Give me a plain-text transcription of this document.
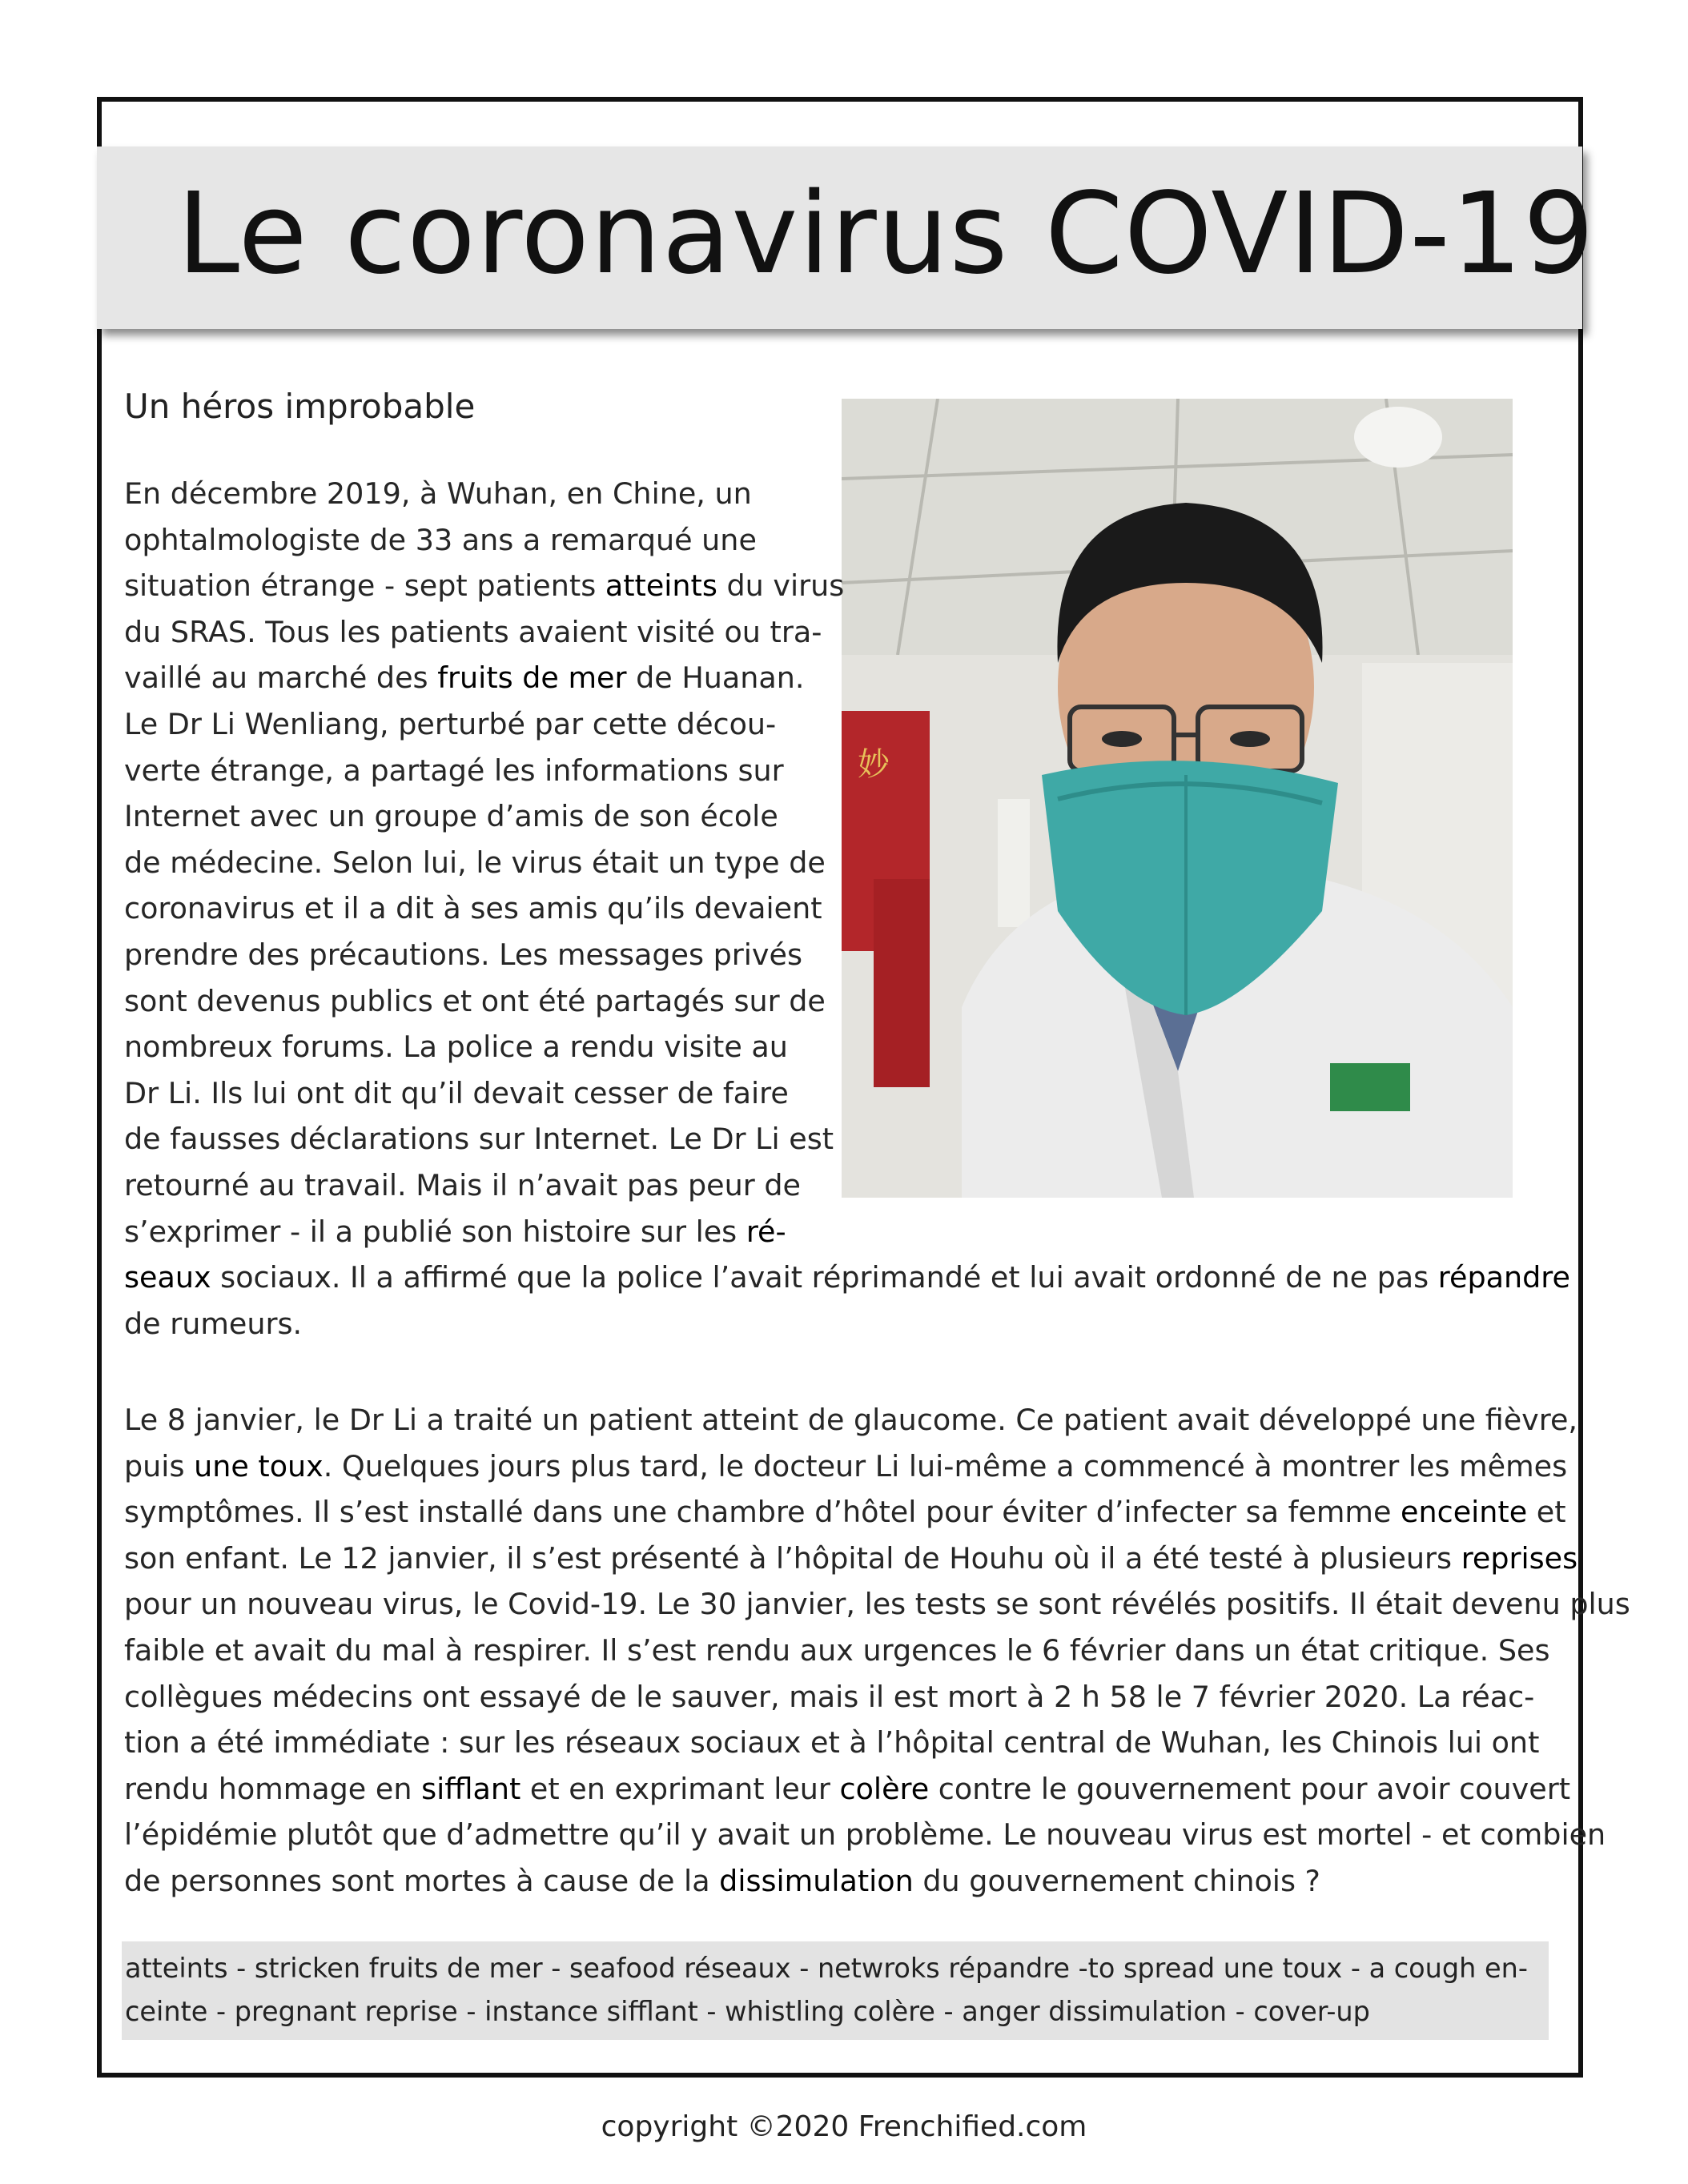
Le coronavirus COVID-19
Un héros improbable
妙
En décembre 2019, à Wuhan, en Chine, un
ophtalmologiste de 33 ans a remarqué une
situation étrange - sept patients atteints du virus
du SRAS. Tous les patients avaient visité ou tra-
vaillé au marché des fruits de mer de Huanan.
Le Dr Li Wenliang, perturbé par cette décou-
verte étrange, a partagé les informations sur
Internet avec un groupe d’amis de son école
de médecine. Selon lui, le virus était un type de
coronavirus et il a dit à ses amis qu’ils devaient
prendre des précautions. Les messages privés
sont devenus publics et ont été partagés sur de
nombreux forums. La police a rendu visite au
Dr Li. Ils lui ont dit qu’il devait cesser de faire
de fausses déclarations sur Internet. Le Dr Li est
retourné au travail. Mais il n’avait pas peur de
s’exprimer - il a publié son histoire sur les ré-
seaux sociaux. Il a affirmé que la police l’avait réprimandé et lui avait ordonné de ne pas répandre
de rumeurs.
Le 8 janvier, le Dr Li a traité un patient atteint de glaucome. Ce patient avait développé une fièvre,
puis une toux. Quelques jours plus tard, le docteur Li lui-même a commencé à montrer les mêmes
symptômes. Il s’est installé dans une chambre d’hôtel pour éviter d’infecter sa femme enceinte et
son enfant. Le 12 janvier, il s’est présenté à l’hôpital de Houhu où il a été testé à plusieurs reprises
pour un nouveau virus, le Covid-19. Le 30 janvier, les tests se sont révélés positifs. Il était devenu plus
faible et avait du mal à respirer. Il s’est rendu aux urgences le 6 février dans un état critique. Ses
collègues médecins ont essayé de le sauver, mais il est mort à 2 h 58 le 7 février 2020. La réac-
tion a été immédiate : sur les réseaux sociaux et à l’hôpital central de Wuhan, les Chinois lui ont
rendu hommage en sifflant et en exprimant leur colère contre le gouvernement pour avoir couvert
l’épidémie plutôt que d’admettre qu’il y avait un problème. Le nouveau virus est mortel - et combien
de personnes sont mortes à cause de la dissimulation du gouvernement chinois ?
atteints - stricken fruits de mer - seafood réseaux - netwroks répandre -to spread une toux - a cough en-
ceinte - pregnant reprise - instance sifflant - whistling colère - anger dissimulation - cover-up
copyright ©2020 Frenchified.com
